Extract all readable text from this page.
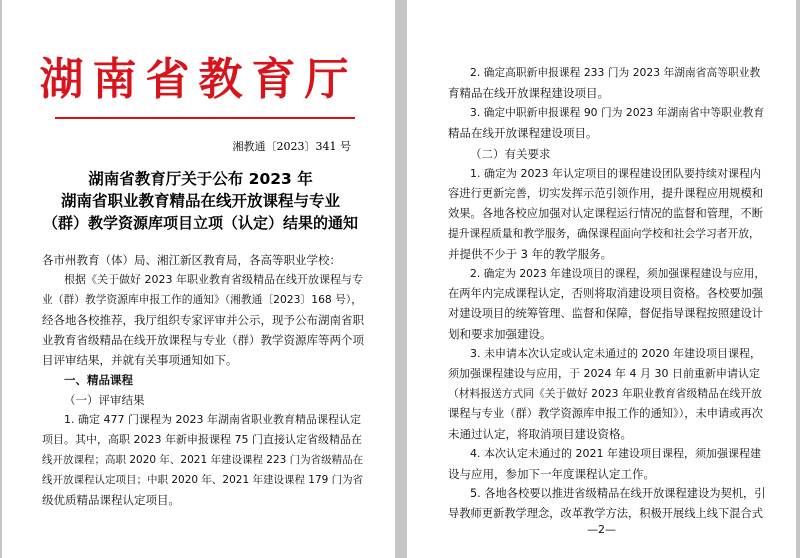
湖南省教育厅
湘教通〔2023〕341 号
湖南省教育厅关于公布 2023 年
湖南省职业教育精品在线开放课程与专业
（群）教学资源库项目立项（认定）结果的通知
各市州教育（体）局、湘江新区教育局，各高等职业学校：
根据《关于做好 2023 年职业教育省级精品在线开放课程与专
业（群）教学资源库申报工作的通知》（湘教通〔2023〕168 号），
经各地各校推荐，我厅组织专家评审并公示，现予公布湖南省职
业教育省级精品在线开放课程与专业（群）教学资源库等两个项
目评审结果，并就有关事项通知如下。
一、精品课程
（一）评审结果
1. 确定 477 门课程为 2023 年湖南省职业教育精品课程认定
项目。其中，高职 2023 年新申报课程 75 门直接认定省级精品在
线开放课程；高职 2020 年、2021 年建设课程 223 门为省级精品在
线开放课程认定项目；中职 2020 年、2021 年建设课程 179 门为省
级优质精品课程认定项目。
2. 确定高职新申报课程 233 门为 2023 年湖南省高等职业教
育精品在线开放课程建设项目。
3. 确定中职新申报课程 90 门为 2023 年湖南省中等职业教育
精品在线开放课程建设项目。
（二）有关要求
1. 确定为 2023 年认定项目的课程建设团队要持续对课程内
容进行更新完善，切实发挥示范引领作用，提升课程应用规模和
效果。各地各校应加强对认定课程运行情况的监督和管理，不断
提升课程质量和教学服务，确保课程面向学校和社会学习者开放，
并提供不少于 3 年的教学服务。
2. 确定为 2023 年建设项目的课程，须加强课程建设与应用，
在两年内完成课程认定，否则将取消建设项目资格。各校要加强
对建设项目的统筹管理、监督和保障，督促指导课程按照建设计
划和要求加强建设。
3. 未申请本次认定或认定未通过的 2020 年建设项目课程，
须加强课程建设与应用，于 2024 年 4 月 30 日前重新申请认定
（材料报送方式同《关于做好 2023 年职业教育省级精品在线开放
课程与专业（群）教学资源库申报工作的通知》），未申请或再次
未通过认定，将取消项目建设资格。
4. 本次认定未通过的 2021 年建设项目课程，须加强课程建
设与应用，参加下一年度课程认定工作。
5. 各地各校要以推进省级精品在线开放课程建设为契机，引
导教师更新教学理念，改革教学方法，积极开展线上线下混合式
—2—
